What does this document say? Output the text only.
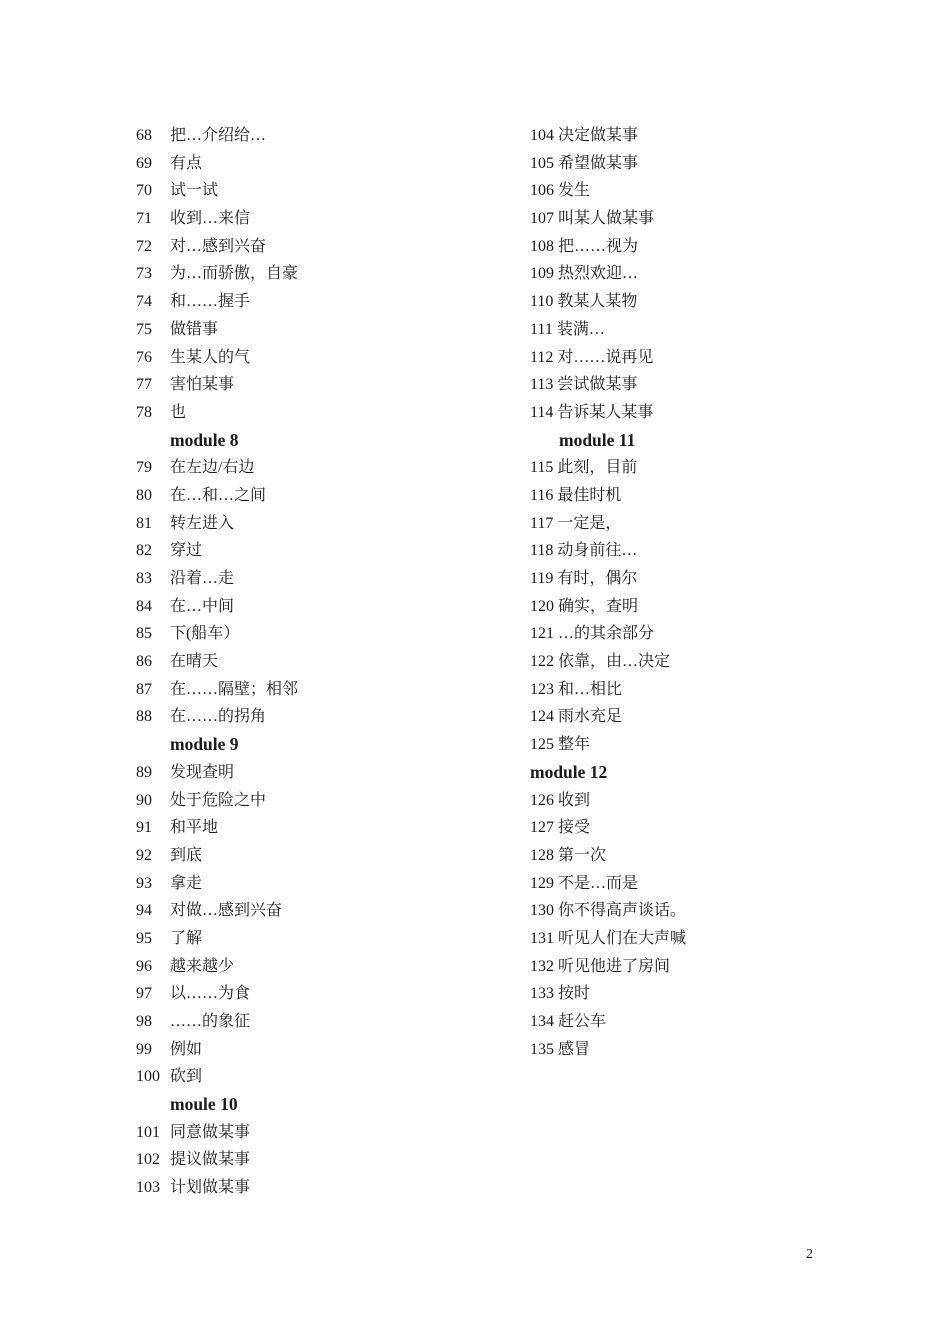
68 把…介绍给…
69 有点
70 试一试
71 收到…来信
72 对…感到兴奋
73 为…而骄傲，自豪
74 和……握手
75 做错事
76 生某人的气
77 害怕某事
78 也
module 8
79 在左边/右边
80 在…和…之间
81 转左进入
82 穿过
83 沿着…走
84 在…中间
85 下(船车）
86 在晴天
87 在……隔壁；相邻
88 在……的拐角
module 9
89 发现查明
90 处于危险之中
91 和平地
92 到底
93 拿走
94 对做…感到兴奋
95 了解
96 越来越少
97 以……为食
98 ……的象征
99 例如
100 砍到
moule 10
101 同意做某事
102 提议做某事
103 计划做某事
104 决定做某事
105 希望做某事
106 发生
107 叫某人做某事
108 把……视为
109 热烈欢迎…
110 教某人某物
111 装满…
112 对……说再见
113 尝试做某事
114 告诉某人某事
module 11
115 此刻，目前
116 最佳时机
117 一定是，
118 动身前往…
119 有时，偶尔
120 确实，查明
121 …的其余部分
122 依靠，由…决定
123 和…相比
124 雨水充足
125 整年
module 12
126 收到
127 接受
128 第一次
129 不是…而是
130 你不得高声谈话。
131 听见人们在大声喊
132 听见他进了房间
133 按时
134 赶公车
135 感冒
2
